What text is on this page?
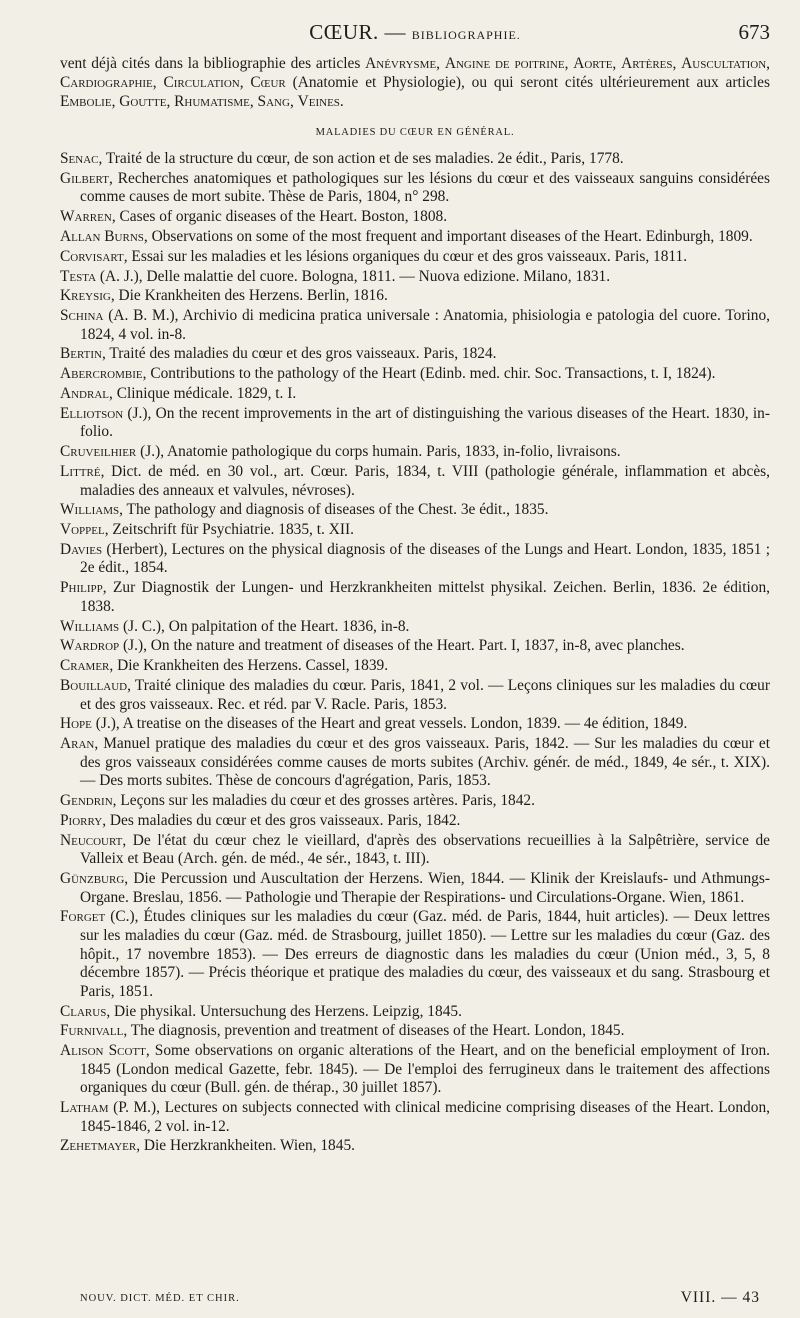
CŒUR. — BIBLIOGRAPHIE.	673

vent déjà cités dans la bibliographie des articles Anévrysme, Angine de poitrine, Aorte, Artères, Auscultation, Cardiographie, Circulation, Cœur (Anatomie et Physiologie), ou qui seront cités ultérieurement aux articles Embolie, Goutte, Rhumatisme, Sang, Veines.

MALADIES DU CŒUR EN GÉNÉRAL.
Senac, Traité de la structure du cœur, de son action et de ses maladies. 2e édit., Paris, 1778.
Gilbert, Recherches anatomiques et pathologiques sur les lésions du cœur et des vaisseaux sanguins considérées comme causes de mort subite. Thèse de Paris, 1804, n° 298.
Warren, Cases of organic diseases of the Heart. Boston, 1808.
Allan Burns, Observations on some of the most frequent and important diseases of the Heart. Edinburgh, 1809.
Corvisart, Essai sur les maladies et les lésions organiques du cœur et des gros vaisseaux. Paris, 1811.
Testa (A. J.), Delle malattie del cuore. Bologna, 1811. — Nuova edizione. Milano, 1831.
Kreysig, Die Krankheiten des Herzens. Berlin, 1816.
Schina (A. B. M.), Archivio di medicina pratica universale : Anatomia, phisiologia e patologia del cuore. Torino, 1824, 4 vol. in-8.
Bertin, Traité des maladies du cœur et des gros vaisseaux. Paris, 1824.
Abercrombie, Contributions to the pathology of the Heart (Edinb. med. chir. Soc. Transactions, t. I, 1824).
Andral, Clinique médicale. 1829, t. I.
Elliotson (J.), On the recent improvements in the art of distinguishing the various diseases of the Heart. 1830, in-folio.
Cruveilhier (J.), Anatomie pathologique du corps humain. Paris, 1833, in-folio, livraisons.
Littré, Dict. de méd. en 30 vol., art. Cœur. Paris, 1834, t. VIII (pathologie générale, inflammation et abcès, maladies des anneaux et valvules, névroses).
Williams, The pathology and diagnosis of diseases of the Chest. 3e édit., 1835.
Voppel, Zeitschrift für Psychiatrie. 1835, t. XII.
Davies (Herbert), Lectures on the physical diagnosis of the diseases of the Lungs and Heart. London, 1835, 1851 ; 2e édit., 1854.
Philipp, Zur Diagnostik der Lungen- und Herzkrankheiten mittelst physikal. Zeichen. Berlin, 1836. 2e édition, 1838.
Williams (J. C.), On palpitation of the Heart. 1836, in-8.
Wardrop (J.), On the nature and treatment of diseases of the Heart. Part. I, 1837, in-8, avec planches.
Cramer, Die Krankheiten des Herzens. Cassel, 1839.
Bouillaud, Traité clinique des maladies du cœur. Paris, 1841, 2 vol. — Leçons cliniques sur les maladies du cœur et des gros vaisseaux. Rec. et réd. par V. Racle. Paris, 1853.
Hope (J.), A treatise on the diseases of the Heart and great vessels. London, 1839. — 4e édition, 1849.
Aran, Manuel pratique des maladies du cœur et des gros vaisseaux. Paris, 1842. — Sur les maladies du cœur et des gros vaisseaux considérées comme causes de morts subites (Archiv. génér. de méd., 1849, 4e sér., t. XIX). — Des morts subites. Thèse de concours d'agrégation, Paris, 1853.
Gendrin, Leçons sur les maladies du cœur et des grosses artères. Paris, 1842.
Piorry, Des maladies du cœur et des gros vaisseaux. Paris, 1842.
Neucourt, De l'état du cœur chez le vieillard, d'après des observations recueillies à la Salpêtrière, service de Valleix et Beau (Arch. gén. de méd., 4e sér., 1843, t. III).
Günzburg, Die Percussion und Auscultation der Herzens. Wien, 1844. — Klinik der Kreislaufs- und Athmungs-Organe. Breslau, 1856. — Pathologie und Therapie der Respirations- und Circulations-Organe. Wien, 1861.
Forget (C.), Études cliniques sur les maladies du cœur (Gaz. méd. de Paris, 1844, huit articles). — Deux lettres sur les maladies du cœur (Gaz. méd. de Strasbourg, juillet 1850). — Lettre sur les maladies du cœur (Gaz. des hôpit., 17 novembre 1853). — Des erreurs de diagnostic dans les maladies du cœur (Union méd., 3, 5, 8 décembre 1857). — Précis théorique et pratique des maladies du cœur, des vaisseaux et du sang. Strasbourg et Paris, 1851.
Clarus, Die physikal. Untersuchung des Herzens. Leipzig, 1845.
Furnivall, The diagnosis, prevention and treatment of diseases of the Heart. London, 1845.
Alison Scott, Some observations on organic alterations of the Heart, and on the beneficial employment of Iron. 1845 (London medical Gazette, febr. 1845). — De l'emploi des ferrugineux dans le traitement des affections organiques du cœur (Bull. gén. de thérap., 30 juillet 1857).
Latham (P. M.), Lectures on subjects connected with clinical medicine comprising diseases of the Heart. London, 1845-1846, 2 vol. in-12.
Zehetmayer, Die Herzkrankheiten. Wien, 1845.
NOUV. DICT. MÉD. ET CHIR.	VIII. — 43
